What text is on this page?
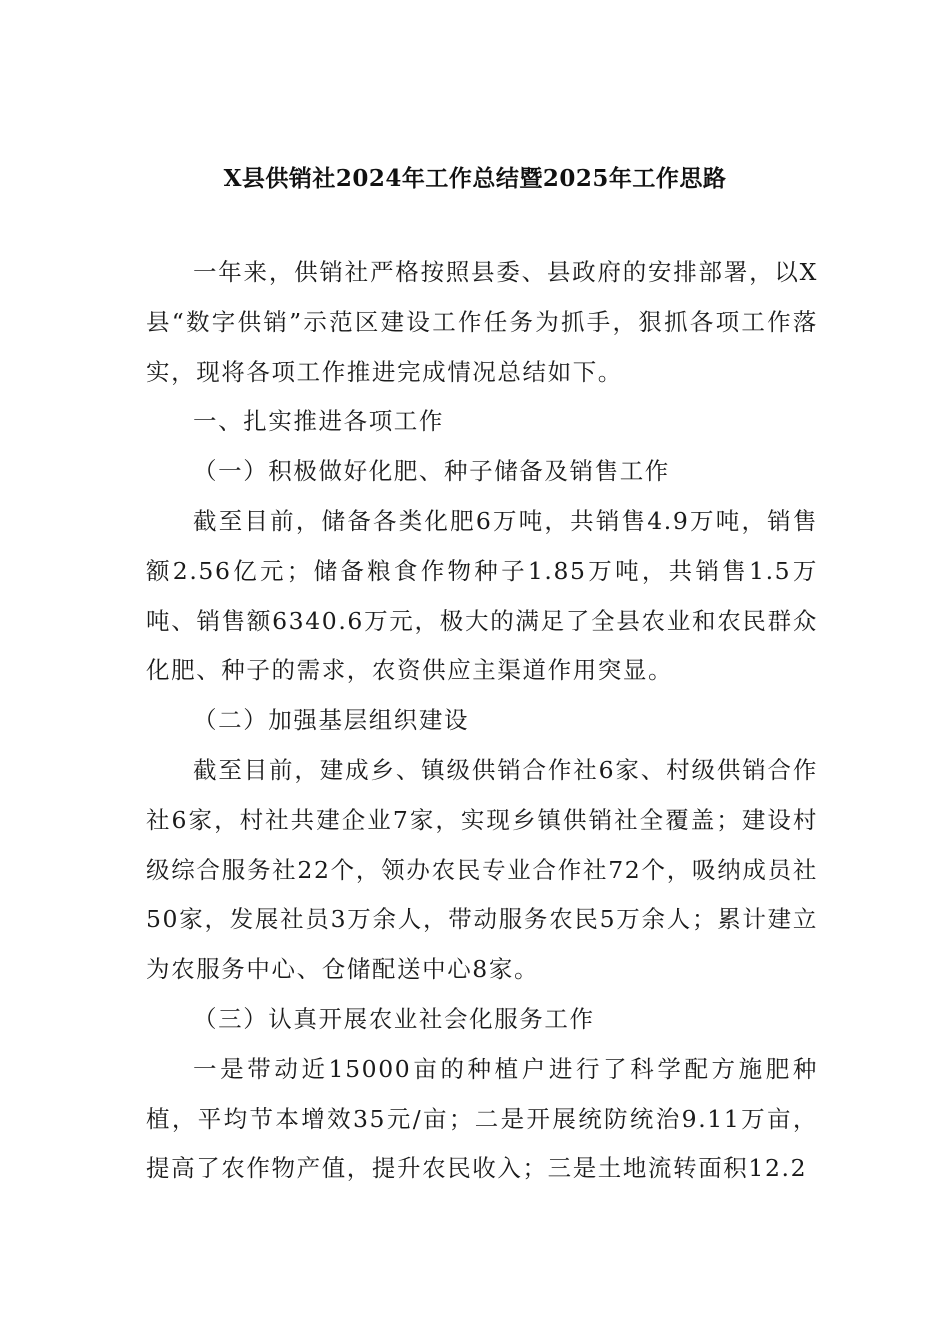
X县供销社2024年工作总结暨2025年工作思路

一年来，供销社严格按照县委、县政府的安排部署，以X县“数字供销”示范区建设工作任务为抓手，狠抓各项工作落实，现将各项工作推进完成情况总结如下。

一、扎实推进各项工作

（一）积极做好化肥、种子储备及销售工作

截至目前，储备各类化肥6万吨，共销售4.9万吨，销售额2.56亿元；储备粮食作物种子1.85万吨，共销售1.5万吨、销售额6340.6万元，极大的满足了全县农业和农民群众化肥、种子的需求，农资供应主渠道作用突显。

（二）加强基层组织建设

截至目前，建成乡、镇级供销合作社6家、村级供销合作社6家，村社共建企业7家，实现乡镇供销社全覆盖；建设村级综合服务社22个，领办农民专业合作社72个，吸纳成员社50家，发展社员3万余人，带动服务农民5万余人；累计建立为农服务中心、仓储配送中心8家。

（三）认真开展农业社会化服务工作

一是带动近15000亩的种植户进行了科学配方施肥种植，平均节本增效35元/亩；二是开展统防统治9.11万亩，提高了农作物产值，提升农民收入；三是土地流转面积12.2
